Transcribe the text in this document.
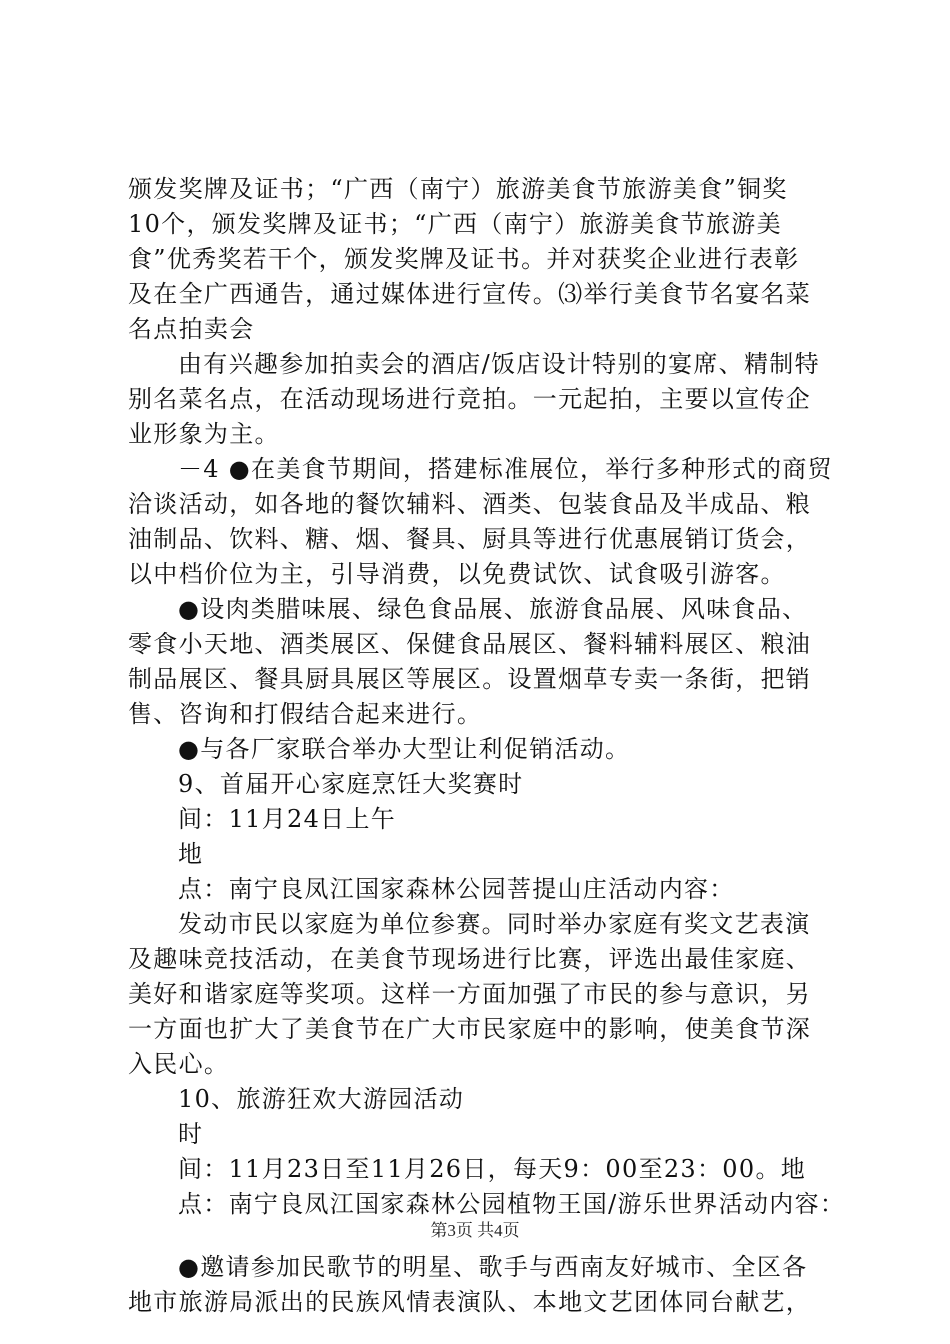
颁发奖牌及证书；“广西（南宁）旅游美食节旅游美食”铜奖
10个，颁发奖牌及证书；“广西（南宁）旅游美食节旅游美
食”优秀奖若干个，颁发奖牌及证书。并对获奖企业进行表彰
及在全广西通告，通过媒体进行宣传。⑶举行美食节名宴名菜
名点拍卖会
由有兴趣参加拍卖会的酒店/饭店设计特别的宴席、精制特
别名菜名点，在活动现场进行竞拍。一元起拍，主要以宣传企
业形象为主。
－4 ●在美食节期间，搭建标准展位，举行多种形式的商贸
洽谈活动，如各地的餐饮辅料、酒类、包装食品及半成品、粮
油制品、饮料、糖、烟、餐具、厨具等进行优惠展销订货会，
以中档价位为主，引导消费，以免费试饮、试食吸引游客。
●设肉类腊味展、绿色食品展、旅游食品展、风味食品、
零食小天地、酒类展区、保健食品展区、餐料辅料展区、粮油
制品展区、餐具厨具展区等展区。设置烟草专卖一条街，把销
售、咨询和打假结合起来进行。
●与各厂家联合举办大型让利促销活动。
9、首届开心家庭烹饪大奖赛时
间：11月24日上午
地
点：南宁良凤江国家森林公园菩提山庄活动内容：
发动市民以家庭为单位参赛。同时举办家庭有奖文艺表演
及趣味竞技活动，在美食节现场进行比赛，评选出最佳家庭、
美好和谐家庭等奖项。这样一方面加强了市民的参与意识，另
一方面也扩大了美食节在广大市民家庭中的影响，使美食节深
入民心。
10、旅游狂欢大游园活动
时
间：11月23日至11月26日，每天9：00至23：00。地
点：南宁良凤江国家森林公园植物王国/游乐世界活动内容：
●邀请参加民歌节的明星、歌手与西南友好城市、全区各
地市旅游局派出的民族风情表演队、本地文艺团体同台献艺，
第3页 共4页
